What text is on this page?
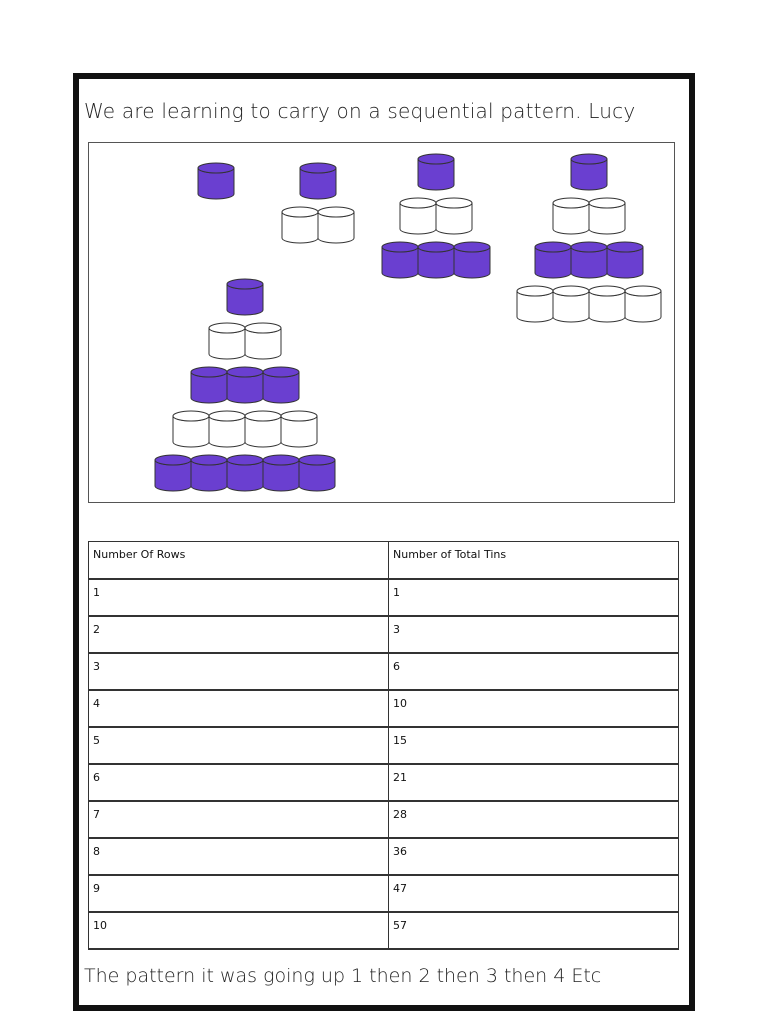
We are learning to carry on a sequential pattern. Lucy
Number Of Rows	Number of Total Tins
1	1
2	3
3	6
4	10
5	15
6	21
7	28
8	36
9	47
10	57
The pattern it was going up 1 then 2 then 3 then 4 Etc
